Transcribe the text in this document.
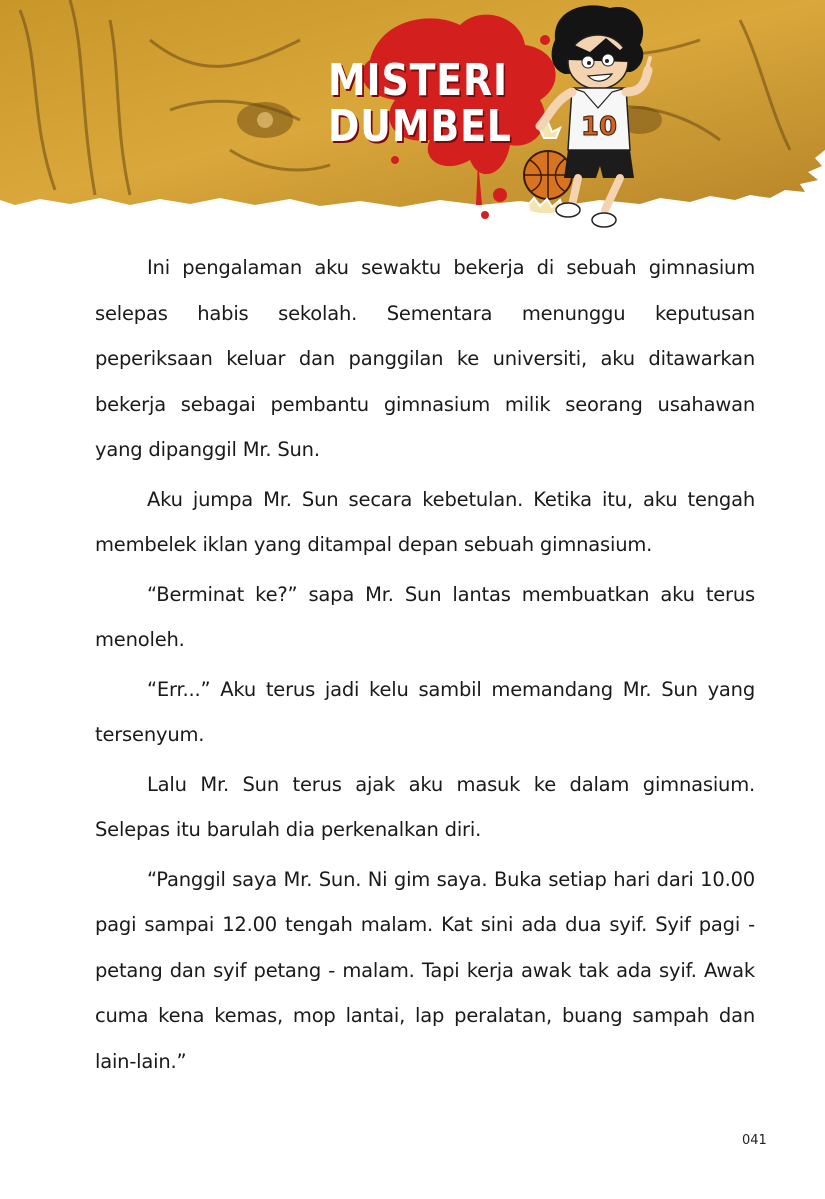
10
MISTERI
DUMBEL

Ini pengalaman aku sewaktu bekerja di sebuah gimnasium selepas habis sekolah. Sementara menunggu keputusan peperiksaan keluar dan panggilan ke universiti, aku ditawarkan bekerja sebagai pembantu gimnasium milik seorang usahawan yang dipanggil Mr. Sun.

Aku jumpa Mr. Sun secara kebetulan. Ketika itu, aku tengah membelek iklan yang ditampal depan sebuah gimnasium.

“Berminat ke?” sapa Mr. Sun lantas membuatkan aku terus menoleh.

“Err...” Aku terus jadi kelu sambil memandang Mr. Sun yang tersenyum.

Lalu Mr. Sun terus ajak aku masuk ke dalam gimnasium. Selepas itu barulah dia perkenalkan diri.

“Panggil saya Mr. Sun. Ni gim saya. Buka setiap hari dari 10.00 pagi sampai 12.00 tengah malam. Kat sini ada dua syif. Syif pagi - petang dan syif petang - malam. Tapi kerja awak tak ada syif. Awak cuma kena kemas, mop lantai, lap peralatan, buang sampah dan lain-lain.”

041
